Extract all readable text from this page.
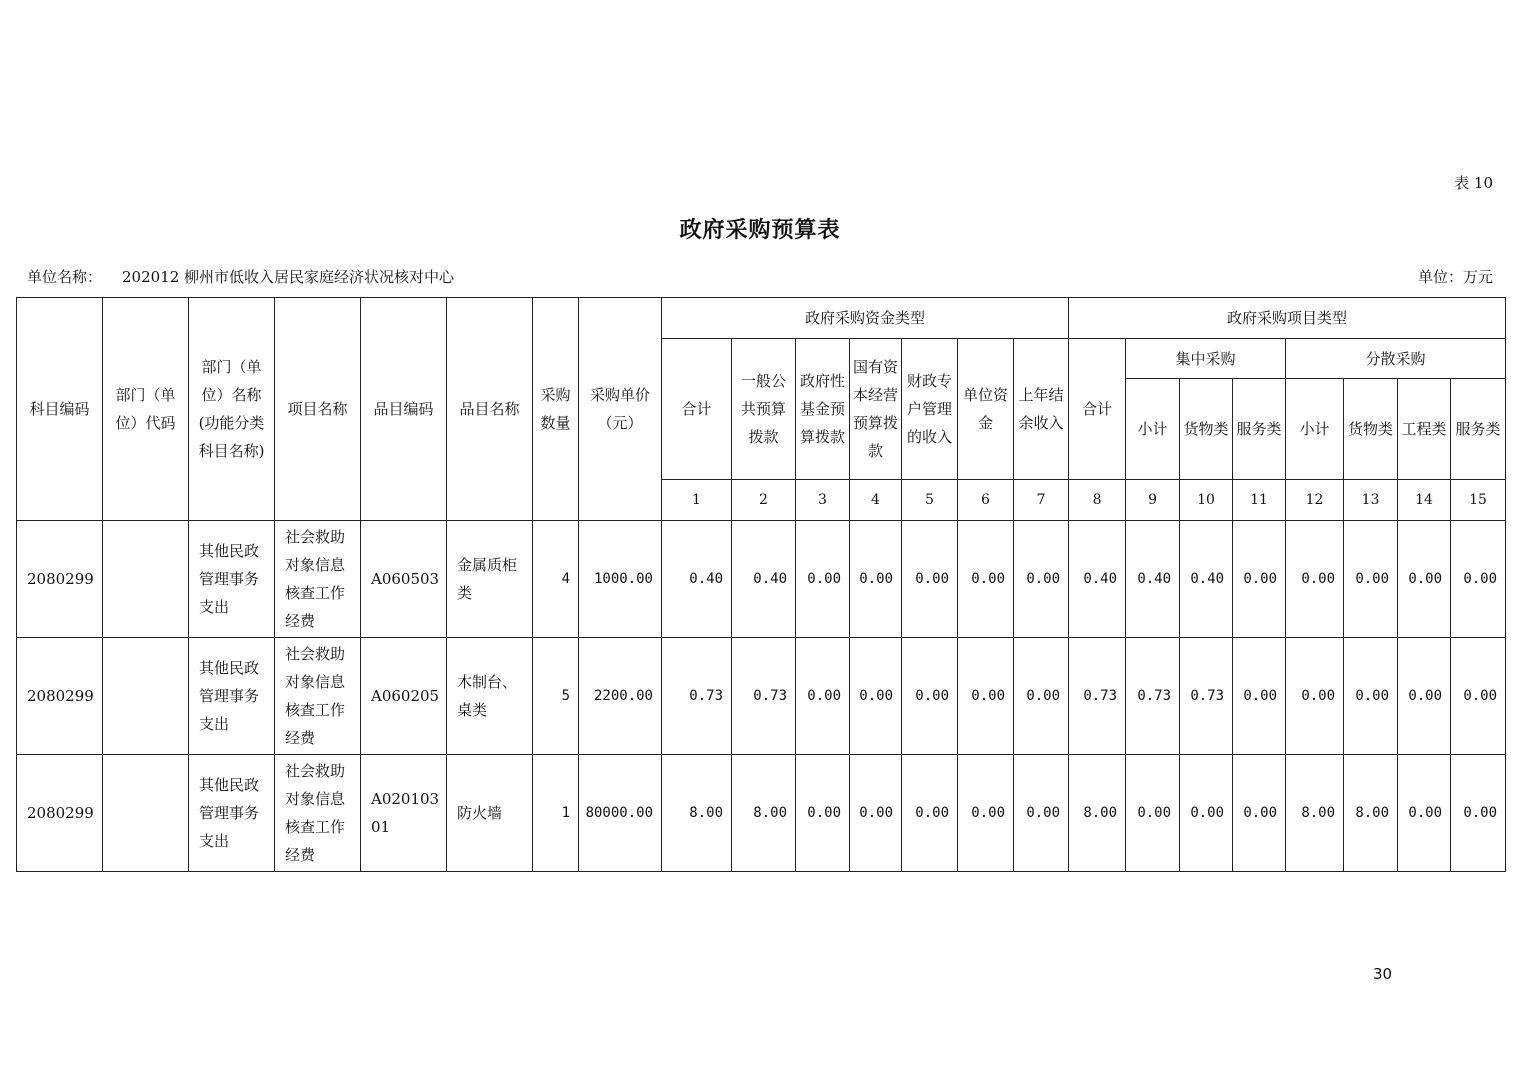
表 10
政府采购预算表
单位名称： 202012 柳州市低收入居民家庭经济状况核对中心	单位：万元
科目编码	部门（单位）代码	部门（单位）名称(功能分类科目名称)	项目名称	品目编码	品目名称	采购数量	采购单价（元）	政府采购资金类型							政府采购项目类型							
								合计	一般公共预算拨款	政府性基金预算拨款	国有资本经营预算拨款	财政专户管理的收入	单位资金	上年结余收入	合计	集中采购			分散采购			
																小计	货物类	服务类	小计	货物类	工程类	服务类
								1	2	3	4	5	6	7	8	9	10	11	12	13	14	15
2080299		其他民政管理事务支出	社会救助对象信息核查工作经费	A060503	金属质柜类	4	1000.00	0.40	0.40	0.00	0.00	0.00	0.00	0.00	0.40	0.40	0.40	0.00	0.00	0.00	0.00	0.00
2080299		其他民政管理事务支出	社会救助对象信息核查工作经费	A060205	木制台、桌类	5	2200.00	0.73	0.73	0.00	0.00	0.00	0.00	0.00	0.73	0.73	0.73	0.00	0.00	0.00	0.00	0.00
2080299		其他民政管理事务支出	社会救助对象信息核查工作经费	A02010301	防火墙	1	80000.00	8.00	8.00	0.00	0.00	0.00	0.00	0.00	8.00	0.00	0.00	0.00	8.00	8.00	0.00	0.00
30
